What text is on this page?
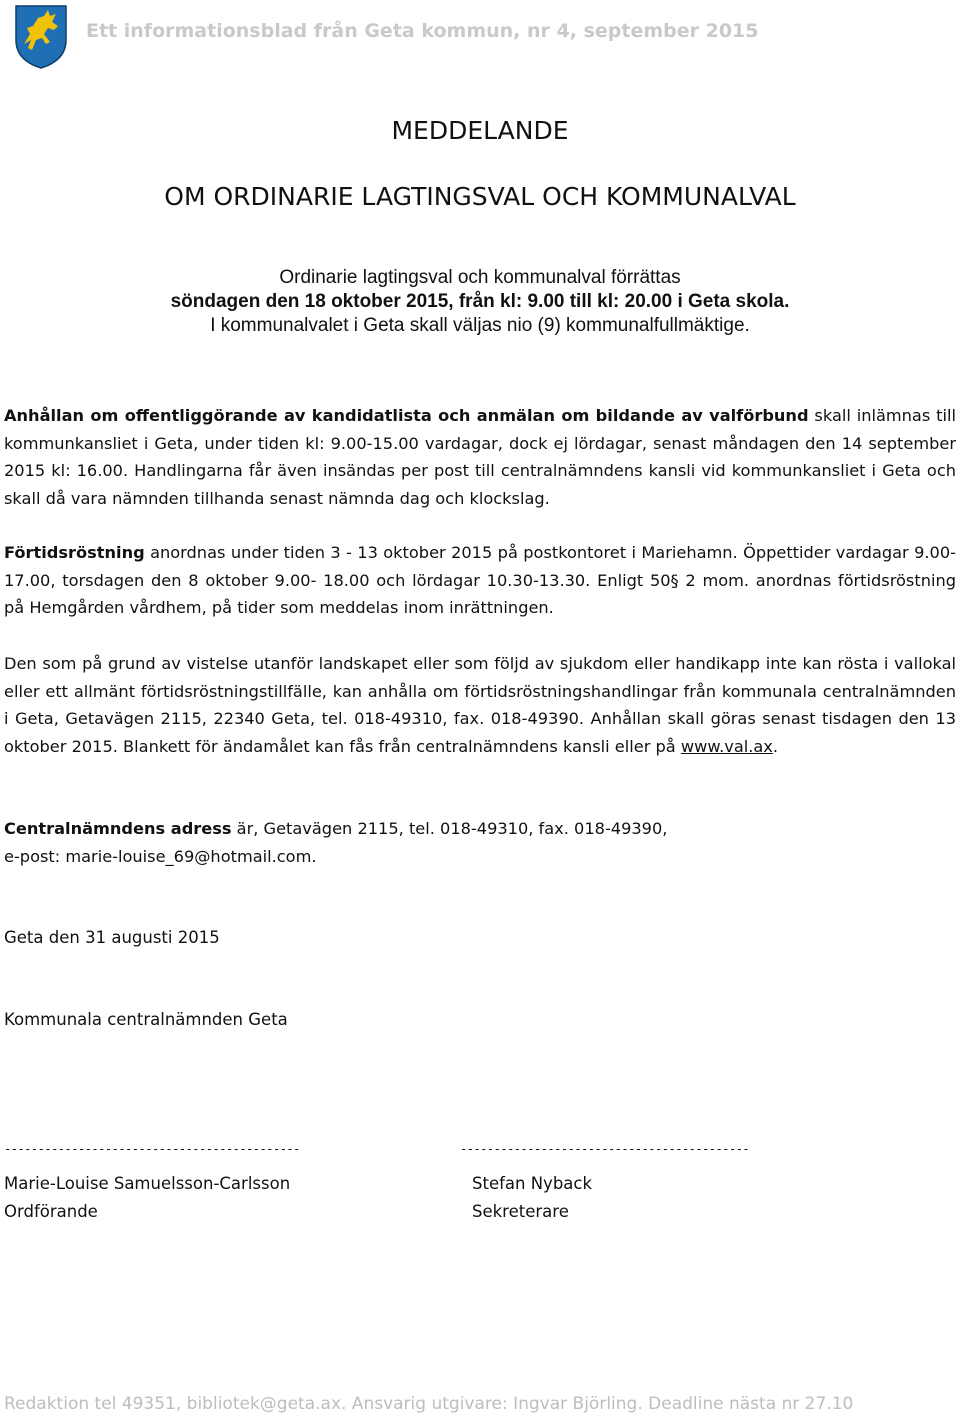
Ett informationsblad från Geta kommun, nr 4, september 2015
MEDDELANDE
OM ORDINARIE LAGTINGSVAL OCH KOMMUNALVAL
Ordinarie lagtingsval och kommunalval förrättas
söndagen den 18 oktober 2015, från kl: 9.00 till kl: 20.00 i Geta skola.
I kommunalvalet i Geta skall väljas nio (9) kommunalfullmäktige.
Anhållan om offentliggörande av kandidatlista och anmälan om bildande av valförbund skall inlämnas till kommunkansliet i Geta, under tiden kl: 9.00-15.00 vardagar, dock ej lördagar, senast måndagen den 14 september 2015 kl: 16.00. Handlingarna får även insändas per post till centralnämndens kansli vid kommunkansliet i Geta och skall då vara nämnden tillhanda senast nämnda dag och klockslag.
Förtidsröstning anordnas under tiden 3 - 13 oktober 2015 på postkontoret i Mariehamn. Öppettider vardagar 9.00- 17.00, torsdagen den 8 oktober 9.00- 18.00 och lördagar 10.30-13.30. Enligt 50§ 2 mom. anordnas förtidsröstning på Hemgården vårdhem, på tider som meddelas inom inrättningen.
Den som på grund av vistelse utanför landskapet eller som följd av sjukdom eller handikapp inte kan rösta i vallokal eller ett allmänt förtidsröstningstillfälle, kan anhålla om förtidsröstningshandlingar från kommunala centralnämnden i Geta, Getavägen 2115, 22340 Geta, tel. 018-49310, fax. 018-49390. Anhållan skall göras senast tisdagen den 13 oktober 2015. Blankett för ändamålet kan fås från centralnämndens kansli eller på www.val.ax.
Centralnämndens adress är, Getavägen 2115, tel. 018-49310, fax. 018-49390,
e-post: marie-louise_69@hotmail.com.
Geta den 31 augusti 2015
Kommunala centralnämnden Geta
--------------------------------------------	-------------------------------------------
Marie-Louise Samuelsson-Carlsson
Ordförande
Stefan Nyback
Sekreterare
Redaktion tel 49351, bibliotek@geta.ax. Ansvarig utgivare: Ingvar Björling. Deadline nästa nr 27.10
